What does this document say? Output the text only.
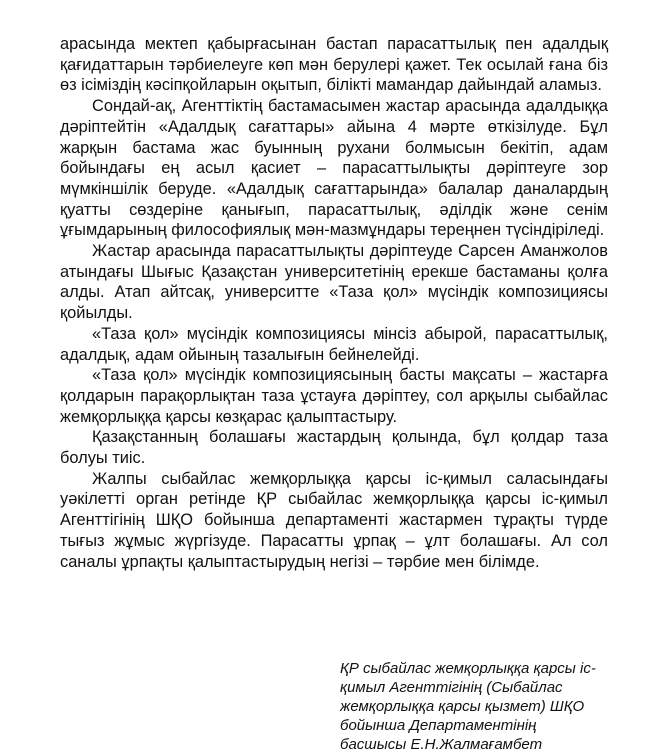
арасында мектеп қабырғасынан бастап парасаттылық пен адалдық қағидаттарын тәрбиелеуге көп мән берулері қажет. Тек осылай ғана біз өз ісіміздің кәсіпқойларын оқытып, білікті мамандар дайындай аламыз.

Сондай-ақ, Агенттіктің бастамасымен жастар арасында адалдыққа дәріптейтін «Адалдық сағаттары» айына 4 мәрте өткізілуде. Бұл жарқын бастама жас буынның рухани болмысын бекітіп, адам бойындағы ең асыл қасиет – парасаттылықты дәріптеуге зор мүмкіншілік беруде. «Адалдық сағаттарында» балалар даналардың қуатты сөздеріне қанығып, парасаттылық, әділдік және сенім ұғымдарының философиялық мән-мазмұндары тереңнен түсіндіріледі.

Жастар арасында парасаттылықты дәріптеуде Сарсен Аманжолов атындағы Шығыс Қазақстан университетінің ерекше бастаманы қолға алды. Атап айтсақ, университте «Таза қол» мүсіндік композициясы қойылды.

«Таза қол» мүсіндік композициясы мінсіз абырой, парасаттылық, адалдық, адам ойының тазалығын бейнелейді.

«Таза қол» мүсіндік композициясының басты мақсаты – жастарға қолдарын парақорлықтан таза ұстауға дәріптеу, сол арқылы сыбайлас жемқорлыққа қарсы көзқарас қалыптастыру.

Қазақстанның болашағы жастардың қолында, бұл қолдар таза болуы тиіс.

Жалпы сыбайлас жемқорлыққа қарсы іс-қимыл саласындағы уәкілетті орган ретінде ҚР сыбайлас жемқорлыққа қарсы іс-қимыл Агенттігінің ШҚО бойынша департаменті жастармен тұрақты түрде тығыз жұмыс жүргізуде. Парасатты ұрпақ – ұлт болашағы. Ал сол саналы ұрпақты қалыптастырудың негізі – тәрбие мен білімде.

ҚР сыбайлас жемқорлыққа қарсы іс-

қимыл Агенттігінің (Сыбайлас

жемқорлыққа қарсы қызмет) ШҚО

бойынша Департаментінің

басшысы Е.Н.Жалмағамбет
